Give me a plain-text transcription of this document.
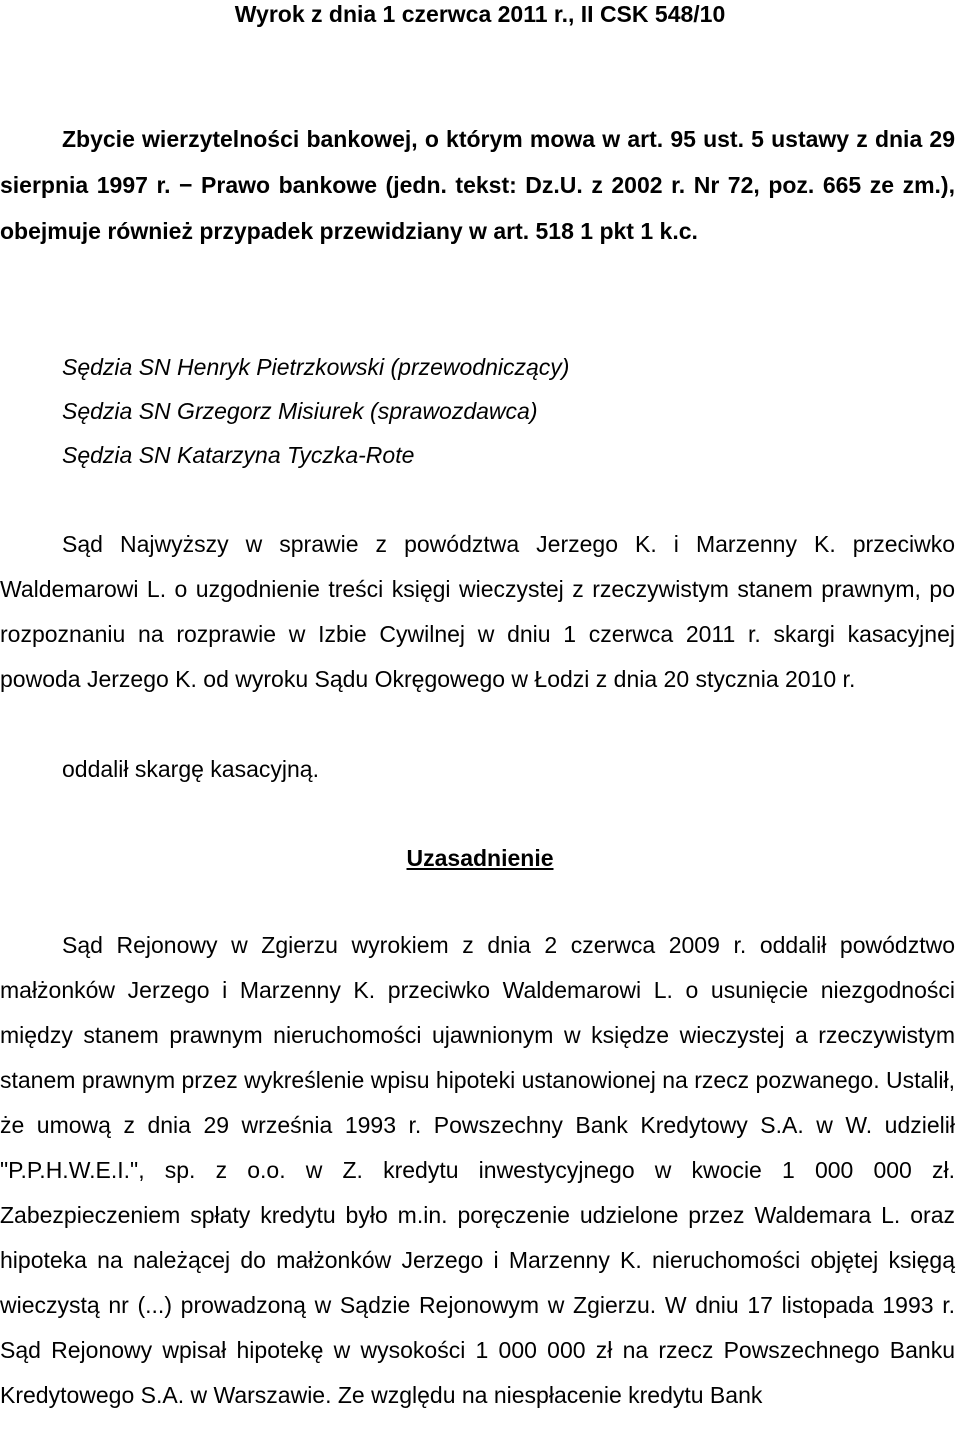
Wyrok z dnia 1 czerwca 2011 r., II CSK 548/10
Zbycie wierzytelności bankowej, o którym mowa w art. 95 ust. 5 ustawy z dnia 29 sierpnia 1997 r. − Prawo bankowe (jedn. tekst: Dz.U. z 2002 r. Nr 72, poz. 665 ze zm.), obejmuje również przypadek przewidziany w art. 518 1 pkt 1 k.c.
Sędzia SN Henryk Pietrzkowski (przewodniczący)
Sędzia SN Grzegorz Misiurek (sprawozdawca)
Sędzia SN Katarzyna Tyczka-Rote
Sąd Najwyższy w sprawie z powództwa Jerzego K. i Marzenny K. przeciwko Waldemarowi L. o uzgodnienie treści księgi wieczystej z rzeczywistym stanem prawnym, po rozpoznaniu na rozprawie w Izbie Cywilnej w dniu 1 czerwca 2011 r. skargi kasacyjnej powoda Jerzego K. od wyroku Sądu Okręgowego w Łodzi z dnia 20 stycznia 2010 r.
oddalił skargę kasacyjną.
Uzasadnienie
Sąd Rejonowy w Zgierzu wyrokiem z dnia 2 czerwca 2009 r. oddalił powództwo małżonków Jerzego i Marzenny K. przeciwko Waldemarowi L. o usunięcie niezgodności między stanem prawnym nieruchomości ujawnionym w księdze wieczystej a rzeczywistym stanem prawnym przez wykreślenie wpisu hipoteki ustanowionej na rzecz pozwanego. Ustalił, że umową z dnia 29 września 1993 r. Powszechny Bank Kredytowy S.A. w W. udzielił "P.P.H.W.E.I.", sp. z o.o. w Z. kredytu inwestycyjnego w kwocie 1 000 000 zł. Zabezpieczeniem spłaty kredytu było m.in. poręczenie udzielone przez Waldemara L. oraz hipoteka na należącej do małżonków Jerzego i Marzenny K. nieruchomości objętej księgą wieczystą nr (...) prowadzoną w Sądzie Rejonowym w Zgierzu. W dniu 17 listopada 1993 r. Sąd Rejonowy wpisał hipotekę w wysokości 1 000 000 zł na rzecz Powszechnego Banku Kredytowego S.A. w Warszawie. Ze względu na niespłacenie kredytu Bank
